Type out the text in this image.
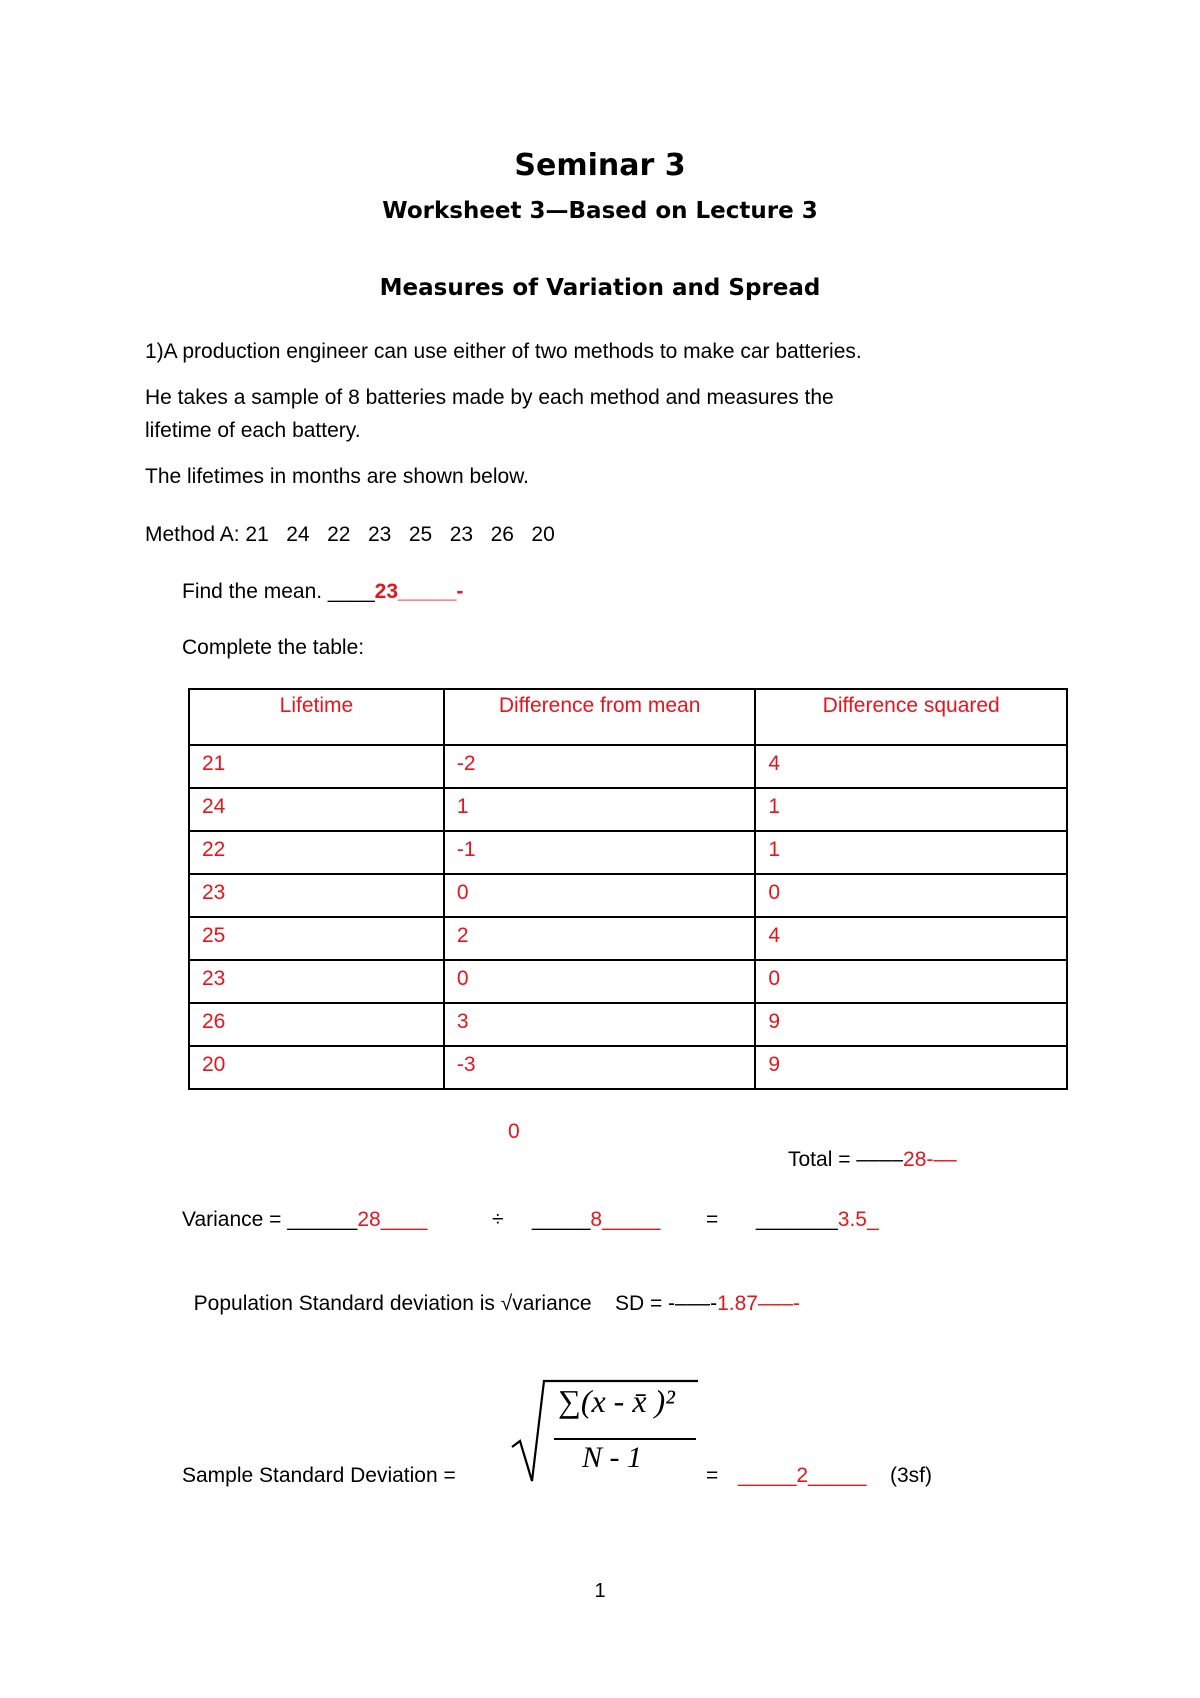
Seminar 3
Worksheet 3—Based on Lecture 3
Measures of Variation and Spread
1)A production engineer can use either of two methods to make car batteries.
He takes a sample of 8 batteries made by each method and measures the
lifetime of each battery.
The lifetimes in months are shown below.
Method A: 21   24   22   23   25   23   26   20
Find the mean. ____23_____-
Complete the table:
Lifetime	Difference from mean	Difference squared
21	-2	4
24	1	1
22	-1	1
23	0	0
25	2	4
23	0	0
26	3	9
20	-3	9
0
Total = ––––28-––
Variance = ______28____	÷ _____8_____ = _______3.5_

Population Standard deviation is √variance    SD = -–––-1.87–––-

Sample Standard Deviation =
∑(x - x̄ )²
N - 1
= _____2_____ (3sf)
1
